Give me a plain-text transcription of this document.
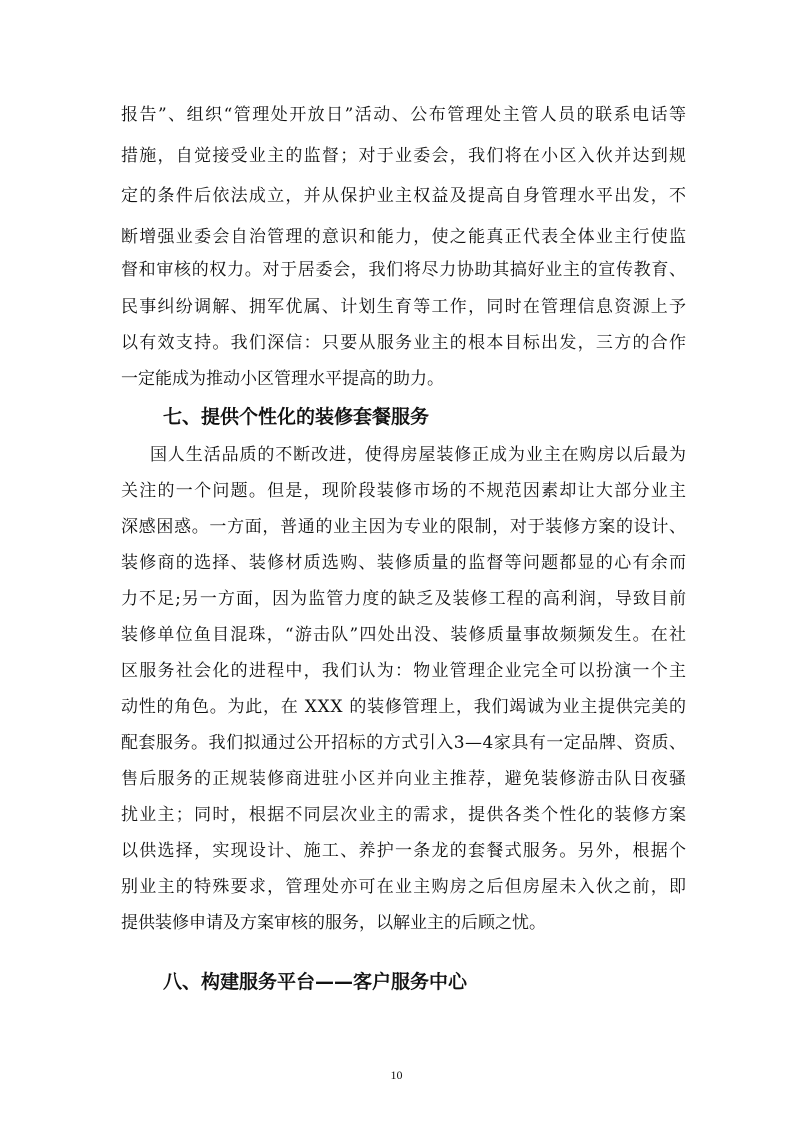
报告”、组织“管理处开放日”活动、公布管理处主管人员的联系电话等
措施，自觉接受业主的监督；对于业委会，我们将在小区入伙并达到规
定的条件后依法成立，并从保护业主权益及提高自身管理水平出发，不
断增强业委会自治管理的意识和能力，使之能真正代表全体业主行使监
督和审核的权力。对于居委会，我们将尽力协助其搞好业主的宣传教育、
民事纠纷调解、拥军优属、计划生育等工作，同时在管理信息资源上予
以有效支持。我们深信：只要从服务业主的根本目标出发，三方的合作
一定能成为推动小区管理水平提高的助力。
七、提供个性化的装修套餐服务
国人生活品质的不断改进，使得房屋装修正成为业主在购房以后最为
关注的一个问题。但是，现阶段装修市场的不规范因素却让大部分业主
深感困惑。一方面，普通的业主因为专业的限制，对于装修方案的设计、
装修商的选择、装修材质选购、装修质量的监督等问题都显的心有余而
力不足;另一方面，因为监管力度的缺乏及装修工程的高利润，导致目前
装修单位鱼目混珠，“游击队”四处出没、装修质量事故频频发生。在社
区服务社会化的进程中，我们认为：物业管理企业完全可以扮演一个主
动性的角色。为此，在 XXX 的装修管理上，我们竭诚为业主提供完美的
配套服务。我们拟通过公开招标的方式引入3—4家具有一定品牌、资质、
售后服务的正规装修商进驻小区并向业主推荐，避免装修游击队日夜骚
扰业主；同时，根据不同层次业主的需求，提供各类个性化的装修方案
以供选择，实现设计、施工、养护一条龙的套餐式服务。另外，根据个
别业主的特殊要求，管理处亦可在业主购房之后但房屋未入伙之前，即
提供装修申请及方案审核的服务，以解业主的后顾之忧。
八、构建服务平台——客户服务中心
10
